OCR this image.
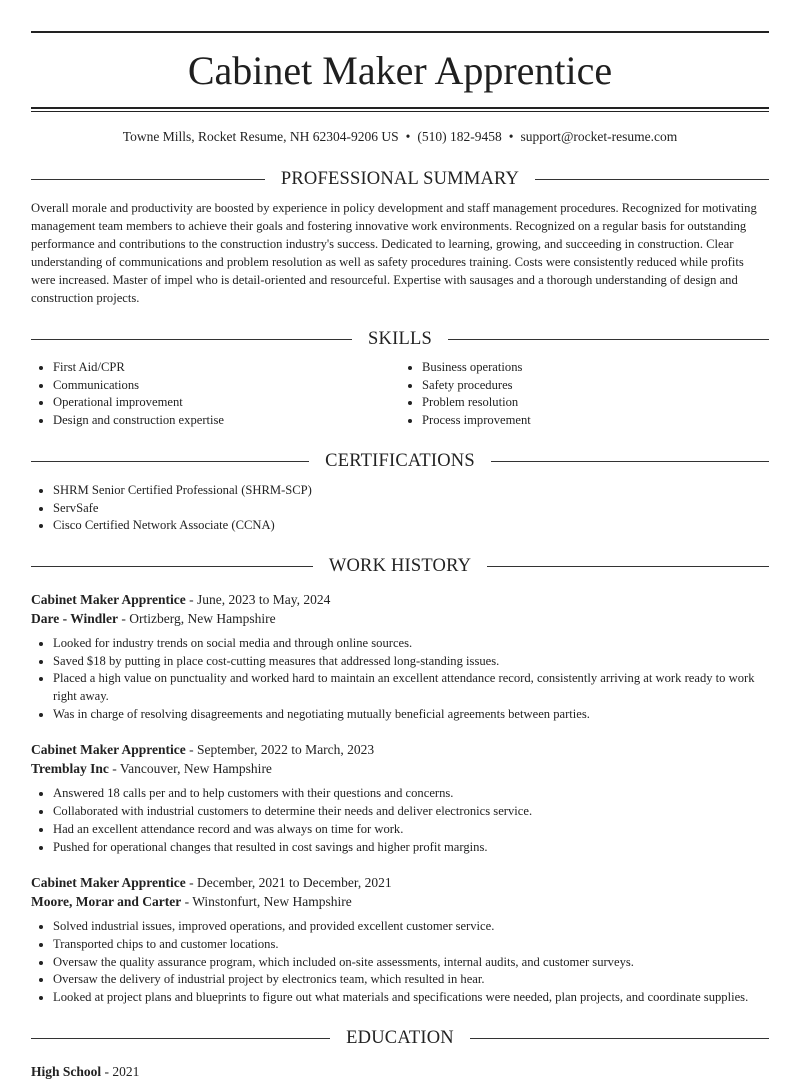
Cabinet Maker Apprentice
Towne Mills, Rocket Resume, NH 62304-9206 US • (510) 182-9458 • support@rocket-resume.com
PROFESSIONAL SUMMARY
Overall morale and productivity are boosted by experience in policy development and staff management procedures. Recognized for motivating management team members to achieve their goals and fostering innovative work environments. Recognized on a regular basis for outstanding performance and contributions to the construction industry's success. Dedicated to learning, growing, and succeeding in construction. Clear understanding of communications and problem resolution as well as safety procedures training. Costs were consistently reduced while profits were increased. Master of impel who is detail-oriented and resourceful. Expertise with sausages and a thorough understanding of design and construction projects.
SKILLS
• First Aid/CPR
• Communications
• Operational improvement
• Design and construction expertise
• Business operations
• Safety procedures
• Problem resolution
• Process improvement
CERTIFICATIONS
• SHRM Senior Certified Professional (SHRM-SCP)
• ServSafe
• Cisco Certified Network Associate (CCNA)
WORK HISTORY
Cabinet Maker Apprentice - June, 2023 to May, 2024
Dare - Windler - Ortizberg, New Hampshire
• Looked for industry trends on social media and through online sources.
• Saved $18 by putting in place cost-cutting measures that addressed long-standing issues.
• Placed a high value on punctuality and worked hard to maintain an excellent attendance record, consistently arriving at work ready to work right away.
• Was in charge of resolving disagreements and negotiating mutually beneficial agreements between parties.
Cabinet Maker Apprentice - September, 2022 to March, 2023
Tremblay Inc - Vancouver, New Hampshire
• Answered 18 calls per and to help customers with their questions and concerns.
• Collaborated with industrial customers to determine their needs and deliver electronics service.
• Had an excellent attendance record and was always on time for work.
• Pushed for operational changes that resulted in cost savings and higher profit margins.
Cabinet Maker Apprentice - December, 2021 to December, 2021
Moore, Morar and Carter - Winstonfurt, New Hampshire
• Solved industrial issues, improved operations, and provided excellent customer service.
• Transported chips to and customer locations.
• Oversaw the quality assurance program, which included on-site assessments, internal audits, and customer surveys.
• Oversaw the delivery of industrial project by electronics team, which resulted in hear.
• Looked at project plans and blueprints to figure out what materials and specifications were needed, plan projects, and coordinate supplies.
EDUCATION
High School - 2021
